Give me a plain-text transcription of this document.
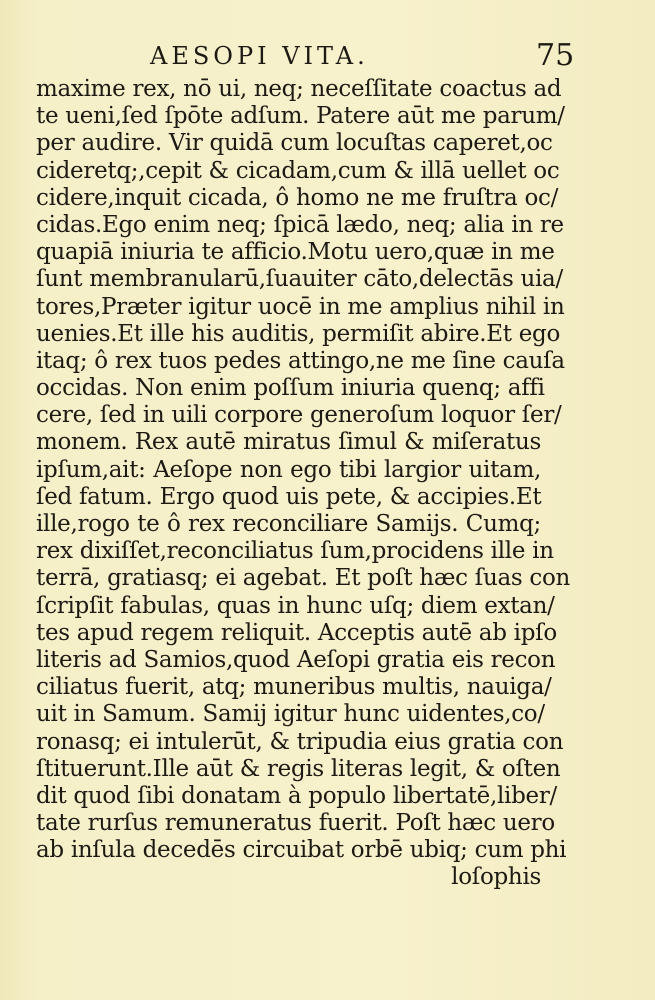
AESOPI VITA.	75
maxime rex, nō ui, neq; neceſſitate coactus ad
te ueni,ſed ſpōte adſum. Patere aūt me parum/
per audire. Vir quidā cum locuſtas caperet,oc
cideretq;,cepit & cicadam,cum & illā uellet oc
cidere,inquit cicada, ô homo ne me fruſtra oc/
cidas.Ego enim neq; ſpicā lædo, neq; alia in re
quapiā iniuria te afficio.Motu uero,quæ in me
ſunt membranularū,ſuauiter cāto,delectās uia/
tores,Præter igitur uocē in me amplius nihil in
uenies.Et ille his auditis, permiſit abire.Et ego
itaq; ô rex tuos pedes attingo,ne me ſine cauſa
occidas. Non enim poſſum iniuria quenq; affi
cere, ſed in uili corpore generoſum loquor ſer/
monem. Rex autē miratus ſimul & miſeratus
ipſum,ait: Aeſope non ego tibi largior uitam,
ſed fatum. Ergo quod uis pete, & accipies.Et
ille,rogo te ô rex reconciliare Samijs. Cumq;
rex dixiſſet,reconciliatus ſum,procidens ille in
terrā, gratiasq; ei agebat. Et poſt hæc ſuas con
ſcripſit fabulas, quas in hunc uſq; diem extan/
tes apud regem reliquit. Acceptis autē ab ipſo
literis ad Samios,quod Aeſopi gratia eis recon
ciliatus fuerit, atq; muneribus multis, nauiga/
uit in Samum. Samij igitur hunc uidentes,co/
ronasq; ei intulerūt, & tripudia eius gratia con
ſtituerunt.Ille aūt & regis literas legit, & oſten
dit quod ſibi donatam à populo libertatē,liber/
tate rurſus remuneratus fuerit. Poſt hæc uero
ab inſula decedēs circuibat orbē ubiq; cum phi
loſophis
